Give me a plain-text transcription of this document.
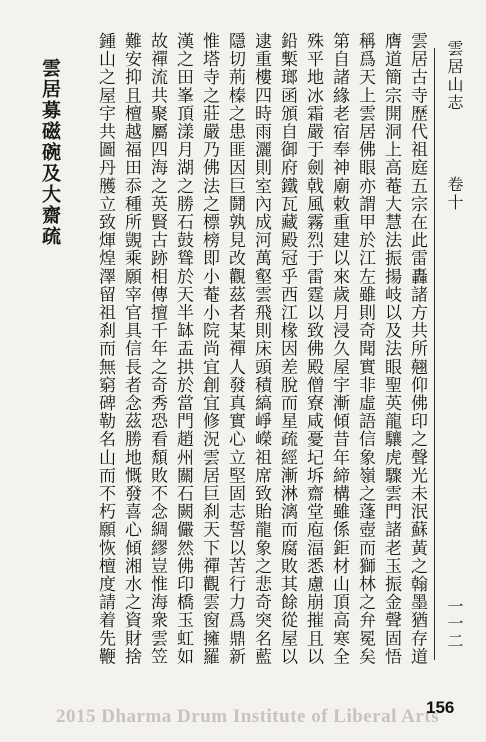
雲居山志
卷十
一一二
雲居古寺歷代祖庭五宗在此雷轟諸方共所翹仰佛印之聲光未泯蘇黃之翰墨猶存道
膺道簡宗開洞上高菴大慧法振揚岐以及法眼聖英龍驤虎驟雲門諸老玉振金聲固悟
稱爲天上雲居佛眼亦謂甲於江左雖則奇聞實非虛語信象嶺之蓬壺而獅林之弁冕矣
第自諸緣老宿奉神廟敕重建以來歲月浸久屋宇漸傾昔年締構雖係鉅材山頂高寒全
殊平地冰霜嚴于劍戟風霧烈于雷霆以致佛殿僧寮咸憂圮坼齋堂庖湢悉慮崩摧且以
鉛槧瑯函頒自御府鐵瓦藏殿冠乎西江椽因差脫而星疏經漸淋漓而腐敗其餘從屋以
逮重樓四時雨灑則室內成河萬壑雲飛則床頭積縞崢嶸祖席致貽龍象之悲奇突名藍
隱切荊榛之患匪因巨鬪孰見改觀茲者某禪人發真實心立堅固志誓以苦行力爲鼎新
惟塔寺之莊嚴乃佛法之標榜即小菴小院尚宜創宜修況雲居巨刹天下禪觀雲窗擁羅
漢之田峯頂漾月湖之勝石鼓聳於天半缽盂拱於當門趙州關石闕儼然佛印橋玉虹如
故禪流共聚屬四海之英賢古跡相傳擅千年之奇秀恐看頹敗不念綢繆豈惟海衆雲笠
難安抑且檀越福田忝種所覬乘願宰官具信長者念茲勝地慨發喜心傾湘水之資財捨
鍾山之屋宇共圖丹雘立致煇煌澤留祖刹而無窮碑勒名山而不朽願恢檀度請着先鞭
雲居募磁碗及大齋疏
2015 Dharma Drum Institute of Liberal Arts
156
